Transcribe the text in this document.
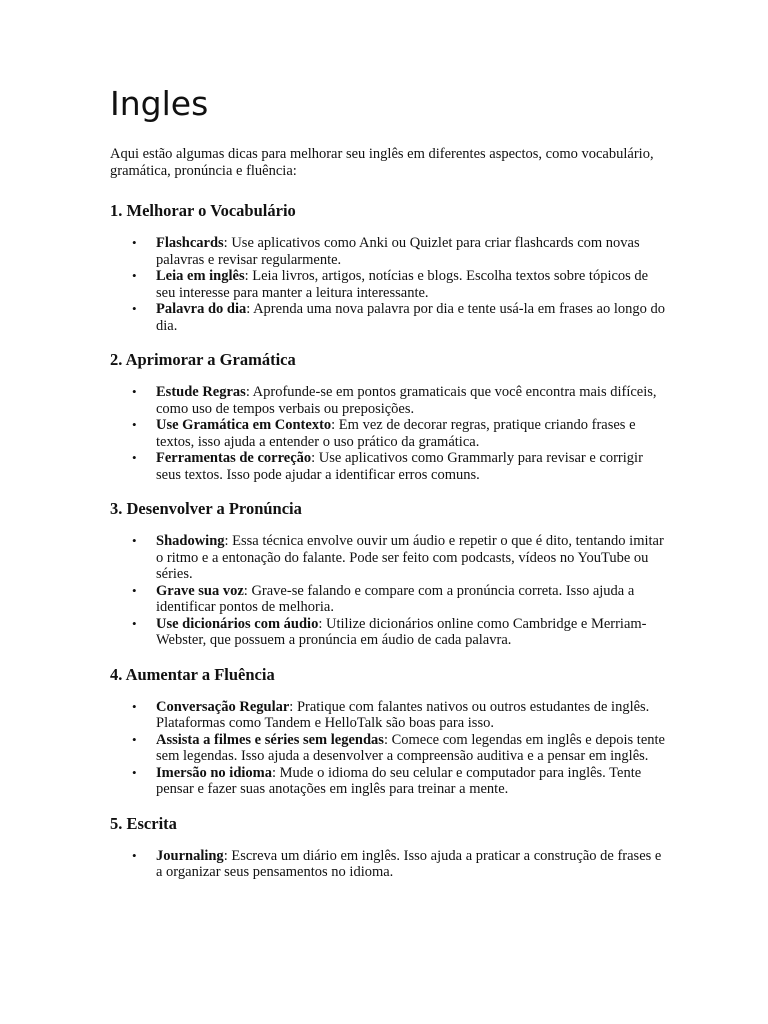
Ingles

Aqui estão algumas dicas para melhorar seu inglês em diferentes aspectos, como vocabulário, gramática, pronúncia e fluência:

1. Melhorar o Vocabulário
• Flashcards: Use aplicativos como Anki ou Quizlet para criar flashcards com novas palavras e revisar regularmente.
• Leia em inglês: Leia livros, artigos, notícias e blogs. Escolha textos sobre tópicos de seu interesse para manter a leitura interessante.
• Palavra do dia: Aprenda uma nova palavra por dia e tente usá-la em frases ao longo do dia.
2. Aprimorar a Gramática
• Estude Regras: Aprofunde-se em pontos gramaticais que você encontra mais difíceis, como uso de tempos verbais ou preposições.
• Use Gramática em Contexto: Em vez de decorar regras, pratique criando frases e textos, isso ajuda a entender o uso prático da gramática.
• Ferramentas de correção: Use aplicativos como Grammarly para revisar e corrigir seus textos. Isso pode ajudar a identificar erros comuns.
3. Desenvolver a Pronúncia
• Shadowing: Essa técnica envolve ouvir um áudio e repetir o que é dito, tentando imitar o ritmo e a entonação do falante. Pode ser feito com podcasts, vídeos no YouTube ou séries.
• Grave sua voz: Grave-se falando e compare com a pronúncia correta. Isso ajuda a identificar pontos de melhoria.
• Use dicionários com áudio: Utilize dicionários online como Cambridge e Merriam-Webster, que possuem a pronúncia em áudio de cada palavra.
4. Aumentar a Fluência
• Conversação Regular: Pratique com falantes nativos ou outros estudantes de inglês. Plataformas como Tandem e HelloTalk são boas para isso.
• Assista a filmes e séries sem legendas: Comece com legendas em inglês e depois tente sem legendas. Isso ajuda a desenvolver a compreensão auditiva e a pensar em inglês.
• Imersão no idioma: Mude o idioma do seu celular e computador para inglês. Tente pensar e fazer suas anotações em inglês para treinar a mente.
5. Escrita
• Journaling: Escreva um diário em inglês. Isso ajuda a praticar a construção de frases e a organizar seus pensamentos no idioma.
